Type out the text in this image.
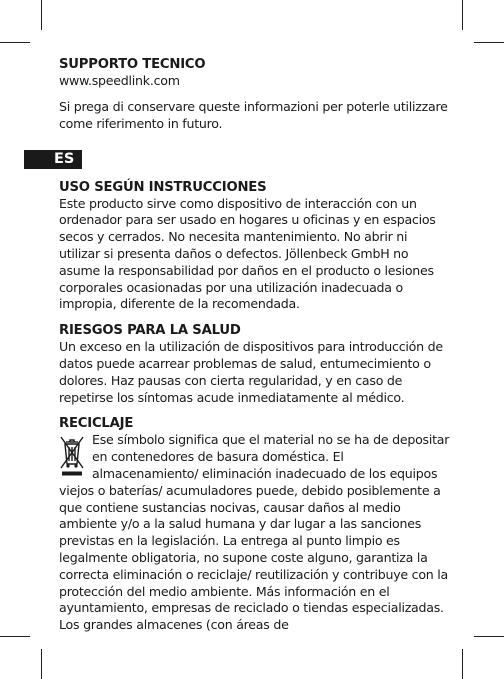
ES
SUPPORTO TECNICO
www.speedlink.com
Si prega di conservare queste informazioni per poterle utilizzare come riferimento in futuro.
USO SEGÚN INSTRUCCIONES
Este producto sirve como dispositivo de interacción con un ordenador para ser usado en hogares u oficinas y en espacios secos y cerrados. No necesita mantenimiento. No abrir ni utilizar si presenta daños o defectos. Jöllenbeck GmbH no asume la responsabilidad por daños en el producto o lesiones corporales ocasionadas por una utilización inadecuada o impropia, diferente de la recomendada.
RIESGOS PARA LA SALUD
Un exceso en la utilización de dispositivos para introducción de datos puede acarrear problemas de salud, entumecimiento o dolores. Haz pausas con cierta regularidad, y en caso de repetirse los síntomas acude inmediatamente al médico.
RECICLAJE
Ese símbolo significa que el material no se ha de depositar en contenedores de basura doméstica. El almacenamiento/ eliminación inadecuado de los equipos viejos o baterías/ acumuladores puede, debido posiblemente a que contiene sustancias nocivas, causar daños al medio ambiente y/o a la salud humana y dar lugar a las sanciones previstas en la legislación. La entrega al punto limpio es legalmente obligatoria, no supone coste alguno, garantiza la correcta eliminación o reciclaje/ reutilización y contribuye con la protección del medio ambiente. Más información en el ayuntamiento, empresas de reciclado o tiendas especializadas. Los grandes almacenes (con áreas de
